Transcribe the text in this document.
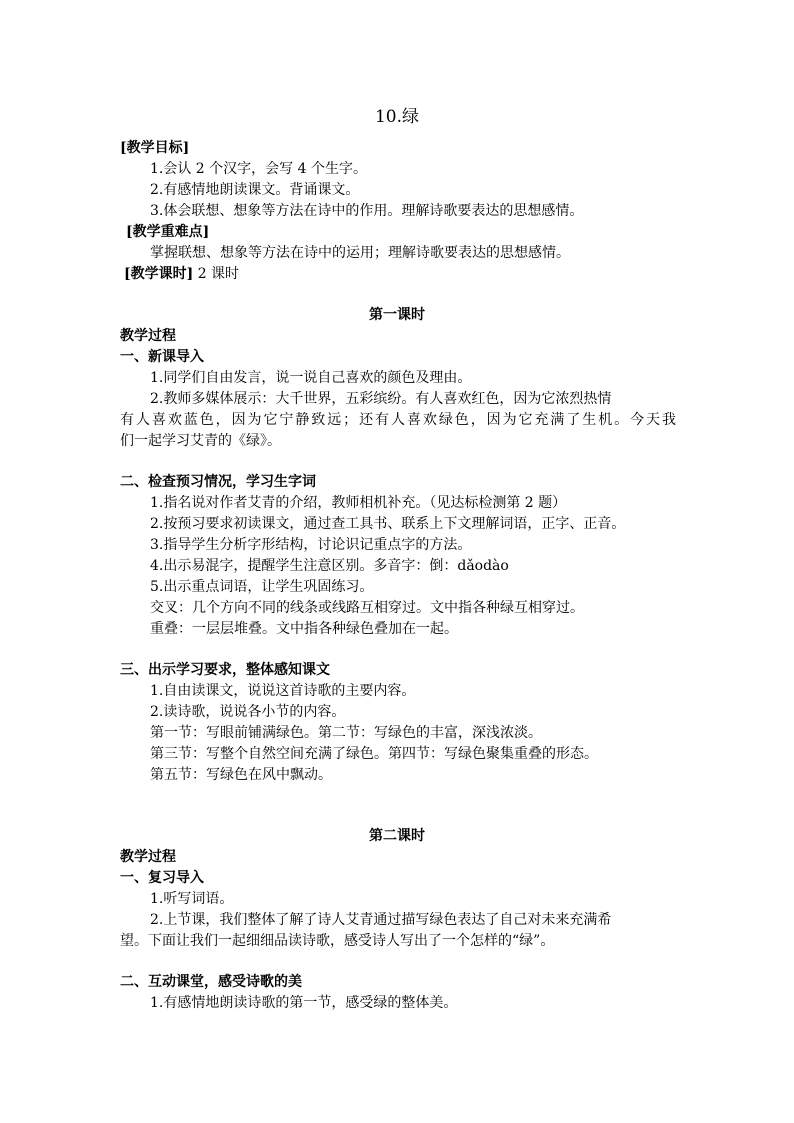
10.绿
[教学目标]
1.会认 2 个汉字，会写 4 个生字。
2.有感情地朗读课文。背诵课文。
3.体会联想、想象等方法在诗中的作用。理解诗歌要表达的思想感情。
[教学重难点]
掌握联想、想象等方法在诗中的运用；理解诗歌要表达的思想感情。
[教学课时] 2 课时
第一课时
教学过程
一、新课导入
1.同学们自由发言，说一说自己喜欢的颜色及理由。
2.教师多媒体展示：大千世界，五彩缤纷。有人喜欢红色，因为它浓烈热情
有人喜欢蓝色，因为它宁静致远；还有人喜欢绿色，因为它充满了生机。今天我
们一起学习艾青的《绿》。
二、检查预习情况，学习生字词
1.指名说对作者艾青的介绍，教师相机补充。（见达标检测第 2 题）
2.按预习要求初读课文，通过查工具书、联系上下文理解词语，正字、正音。
3.指导学生分析字形结构，讨论识记重点字的方法。
4.出示易混字，提醒学生注意区别。多音字：倒：dǎodào
5.出示重点词语，让学生巩固练习。
交叉：几个方向不同的线条或线路互相穿过。文中指各种绿互相穿过。
重叠：一层层堆叠。文中指各种绿色叠加在一起。
三、出示学习要求，整体感知课文
1.自由读课文，说说这首诗歌的主要内容。
2.读诗歌，说说各小节的内容。
第一节：写眼前铺满绿色。第二节：写绿色的丰富，深浅浓淡。
第三节：写整个自然空间充满了绿色。第四节：写绿色聚集重叠的形态。
第五节：写绿色在风中飘动。
第二课时
教学过程
一、复习导入
1.听写词语。
2.上节课，我们整体了解了诗人艾青通过描写绿色表达了自己对未来充满希
望。下面让我们一起细细品读诗歌，感受诗人写出了一个怎样的“绿”。
二、互动课堂，感受诗歌的美
1.有感情地朗读诗歌的第一节，感受绿的整体美。
